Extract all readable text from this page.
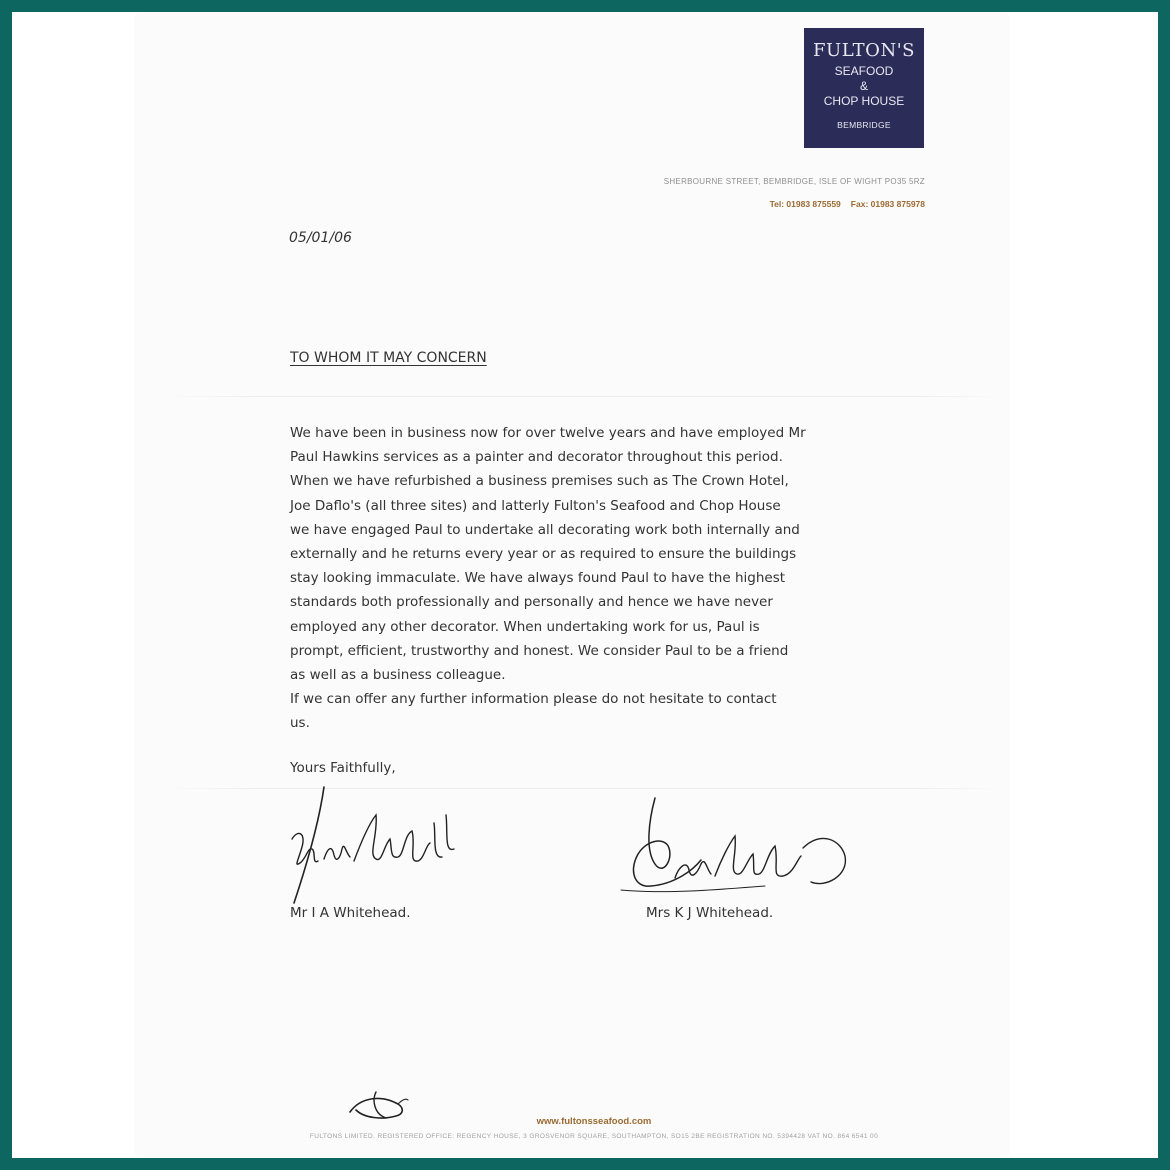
FULTON'S
SEAFOOD
&
CHOP HOUSE
BEMBRIDGE
SHERBOURNE STREET, BEMBRIDGE, ISLE OF WIGHT PO35 5RZ
Tel: 01983 875559 Fax: 01983 875978
05/01/06
TO WHOM IT MAY CONCERN

We have been in business now for over twelve years and have employed Mr

Paul Hawkins services as a painter and decorator throughout this period.

When we have refurbished a business premises such as The Crown Hotel,

Joe Daflo's (all three sites) and latterly Fulton's Seafood and Chop House

we have engaged Paul to undertake all decorating work both internally and

externally and he returns every year or as required to ensure the buildings

stay looking immaculate. We have always found Paul to have the highest

standards both professionally and personally and hence we have never

employed any other decorator. When undertaking work for us, Paul is

prompt, efficient, trustworthy and honest. We consider Paul to be a friend

as well as a business colleague.

If we can offer any further information please do not hesitate to contact

us.

Yours Faithfully,
Mr I A Whitehead.	Mrs K J Whitehead.
www.fultonsseafood.com
FULTONS LIMITED. REGISTERED OFFICE: REGENCY HOUSE, 3 GROSVENOR SQUARE, SOUTHAMPTON, SO15 2BE REGISTRATION NO. 5394428 VAT NO. 864 6541 00
